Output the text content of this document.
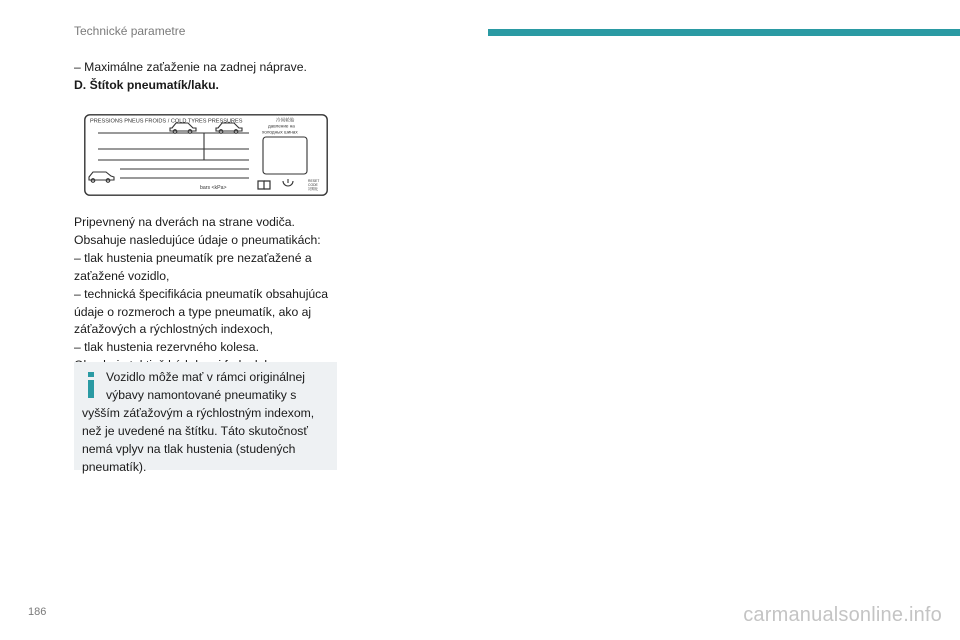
Technické parametre
– Maximálne zaťaženie na zadnej náprave.
D. Štítok pneumatík/laku.
PRESSIONS PNEUS FROIDS / COLD TYRES PRESSURES	冷间轮胎
давление на
холодных шинах
bars <kPa>
RESET
CODE
初期化
Pripevnený na dverách na strane vodiča.
Obsahuje nasledujúce údaje o pneumatikách:
– tlak hustenia pneumatík pre nezaťažené a
zaťažené vozidlo,
– technická špecifikácia pneumatík obsahujúca
údaje o rozmeroch a type pneumatík, ako aj
záťažových a rýchlostných indexoch,
– tlak hustenia rezervného kolesa.
Vozidlo môže mať v rámci originálnej
výbavy namontované pneumatiky s
vyšším záťažovým a rýchlostným indexom,
než je uvedené na štítku. Táto skutočnosť
nemá vplyv na tlak hustenia (studených
pneumatík).
186	carmanualsonline.info
